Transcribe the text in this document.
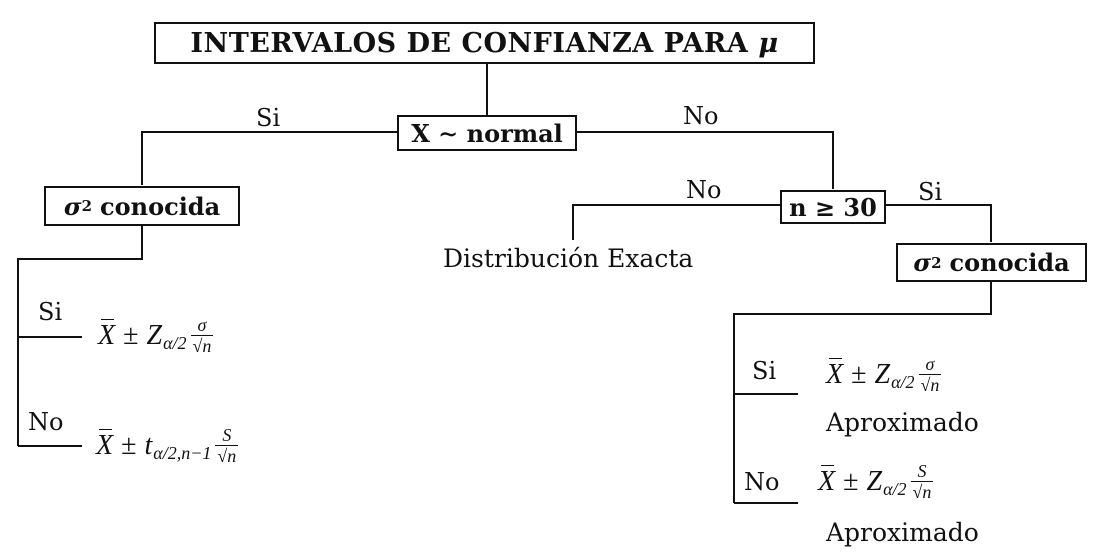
INTERVALOS DE CONFIANZA PARA μ
X ∼ normal
Si	No
σ 2 conocida
Si
No
X ± Z $\alpha/2 \frac{\sigma}{√n}$
X ± t $\alpha/2,n-1 \frac{S}{√n}$
n ≥ 30
No	Si
Distribución Exacta	σ 2 conocida
Si
No
X ± Z $\alpha/2 \frac{\sigma}{√n}$
Aproximado
X ± Z $\alpha/2 \frac{S}{√n}$
Aproximado
